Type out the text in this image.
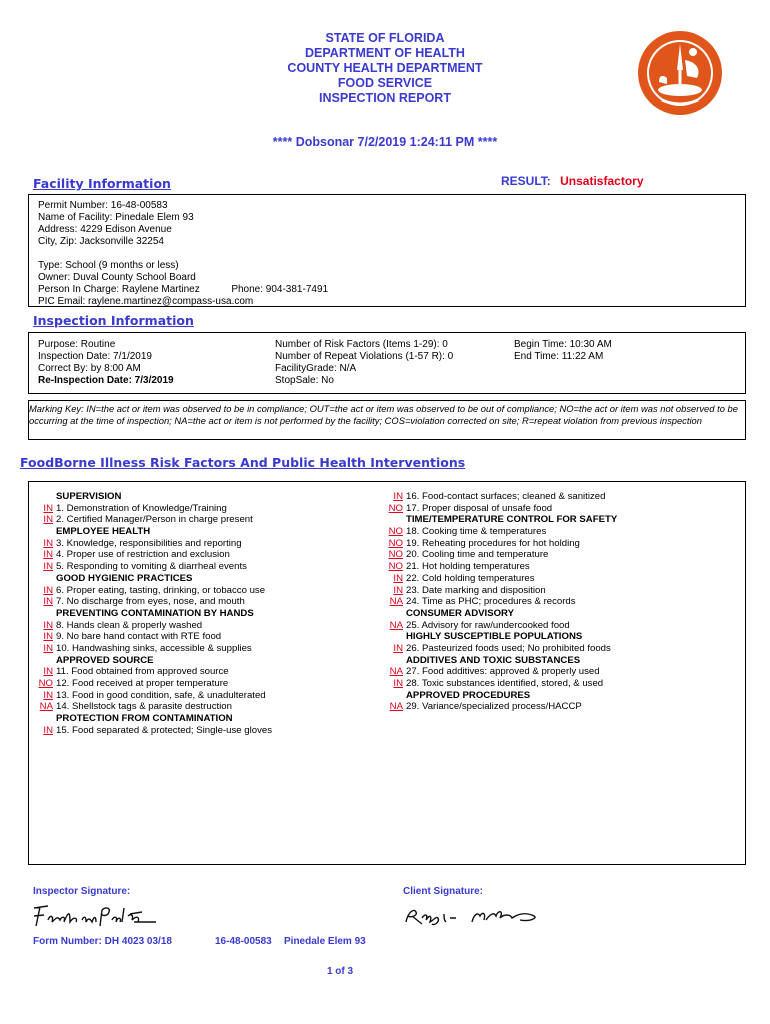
STATE OF FLORIDA
DEPARTMENT OF HEALTH
COUNTY HEALTH DEPARTMENT
FOOD SERVICE
INSPECTION REPORT
**** Dobsonar 7/2/2019 1:24:11 PM ****
Facility Information	RESULT: Unsatisfactory
Permit Number: 16-48-00583
Name of Facility: Pinedale Elem 93
Address: 4229 Edison Avenue
City, Zip: Jacksonville 32254
Type: School (9 months or less)
Owner: Duval County School Board
Person In Charge: Raylene Martinez	Phone: 904-381-7491
PIC Email: raylene.martinez@compass-usa.com
Inspection Information
Purpose: Routine
Inspection Date: 7/1/2019
Correct By: by 8:00 AM
Re-Inspection Date: 7/3/2019
Number of Risk Factors (Items 1-29): 0
Number of Repeat Violations (1-57 R): 0
FacilityGrade: N/A
StopSale: No
Begin Time: 10:30 AM
End Time: 11:22 AM
Marking Key: IN=the act or item was observed to be in compliance; OUT=the act or item was observed to be out of compliance; NO=the act or item was not observed to be occurring at the time of inspection; NA=the act or item is not performed by the facility; COS=violation corrected on site; R=repeat violation from previous inspection
FoodBorne Illness Risk Factors And Public Health Interventions
SUPERVISION
IN 1. Demonstration of Knowledge/Training
IN 2. Certified Manager/Person in charge present
EMPLOYEE HEALTH
IN 3. Knowledge, responsibilities and reporting
IN 4. Proper use of restriction and exclusion
IN 5. Responding to vomiting & diarrheal events
GOOD HYGIENIC PRACTICES
IN 6. Proper eating, tasting, drinking, or tobacco use
IN 7. No discharge from eyes, nose, and mouth
PREVENTING CONTAMINATION BY HANDS
IN 8. Hands clean & properly washed
IN 9. No bare hand contact with RTE food
IN 10. Handwashing sinks, accessible & supplies
APPROVED SOURCE
IN 11. Food obtained from approved source
NO 12. Food received at proper temperature
IN 13. Food in good condition, safe, & unadulterated
NA 14. Shellstock tags & parasite destruction
PROTECTION FROM CONTAMINATION
IN 15. Food separated & protected; Single-use gloves
IN 16. Food-contact surfaces; cleaned & sanitized
NO 17. Proper disposal of unsafe food
TIME/TEMPERATURE CONTROL FOR SAFETY
NO 18. Cooking time & temperatures
NO 19. Reheating procedures for hot holding
NO 20. Cooling time and temperature
NO 21. Hot holding temperatures
IN 22. Cold holding temperatures
IN 23. Date marking and disposition
NA 24. Time as PHC; procedures & records
CONSUMER ADVISORY
NA 25. Advisory for raw/undercooked food
HIGHLY SUSCEPTIBLE POPULATIONS
IN 26. Pasteurized foods used; No prohibited foods
ADDITIVES AND TOXIC SUBSTANCES
NA 27. Food additives: approved & properly used
IN 28. Toxic substances identified, stored, & used
APPROVED PROCEDURES
NA 29. Variance/specialized process/HACCP
Inspector Signature:	Client Signature:
Form Number: DH 4023 03/18	16-48-00583 Pinedale Elem 93
1 of 3
